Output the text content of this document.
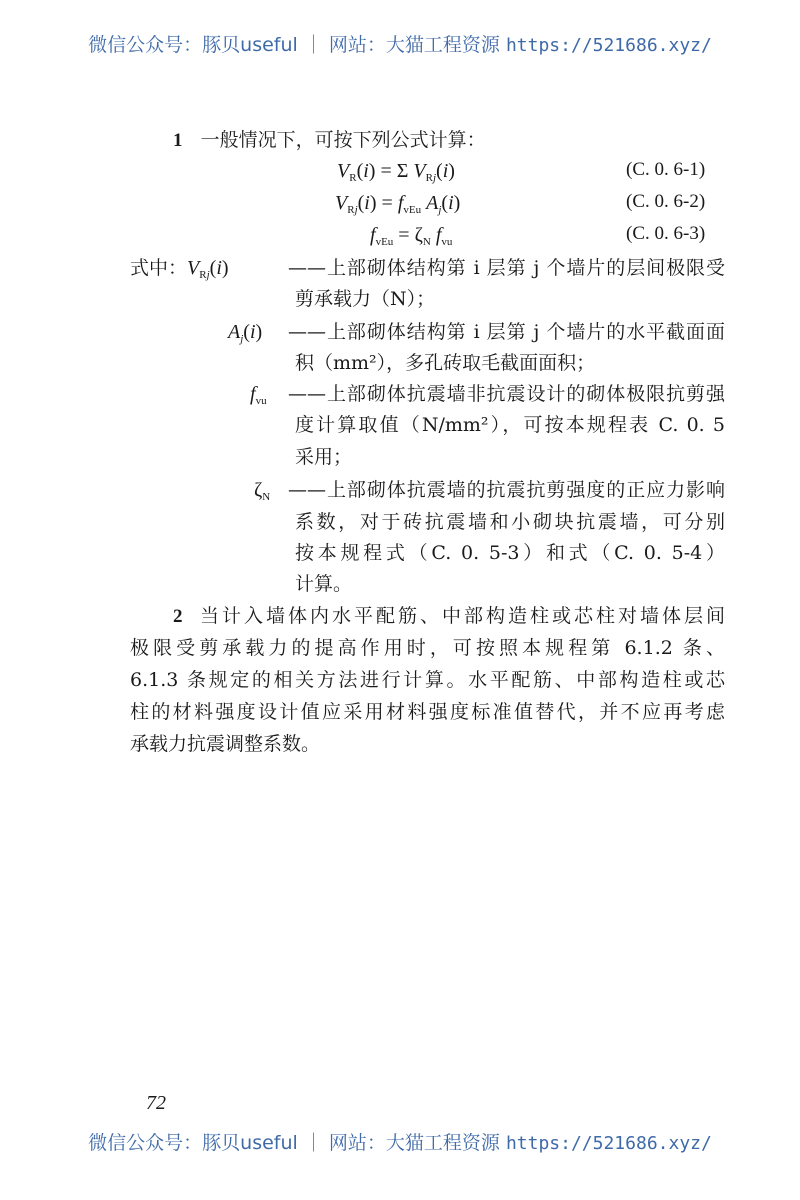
微信公众号：豚贝useful ｜ 网站：大猫工程资源 https://521686.xyz/
1 一般情况下，可按下列公式计算：
$V_R(i) = \Sigma$ $V_{Rj}(i)$	(C. 0. 6-1)
$V_{Rj}(i) = f_{vEu}$ $A_j(i)$	(C. 0. 6-2)
$f_{vEu} = \zeta_N$ $f_{vu}$	(C. 0. 6-3)
式中：$V_{Rj}(i)$	——上部砌体结构第 i 层第 j 个墙片的层间极限受
剪承载力（N）；
$A_j(i)$ ——上部砌体结构第 i 层第 j 个墙片的水平截面面
积（mm²），多孔砖取毛截面面积；
$f_{vu}$ ——上部砌体抗震墙非抗震设计的砌体极限抗剪强
度计算取值（N/mm²），可按本规程表 C. 0. 5
采用；
$\zeta_N$ ——上部砌体抗震墙的抗震抗剪强度的正应力影响
系数，对于砖抗震墙和小砌块抗震墙，可分别
按本规程式（C. 0. 5-3）和式（C. 0. 5-4）
计算。
2 当计入墙体内水平配筋、中部构造柱或芯柱对墙体层间
极限受剪承载力的提高作用时，可按照本规程第 6.1.2 条、
6.1.3 条规定的相关方法进行计算。水平配筋、中部构造柱或芯
柱的材料强度设计值应采用材料强度标准值替代，并不应再考虑
承载力抗震调整系数。
72
微信公众号：豚贝useful ｜ 网站：大猫工程资源 https://521686.xyz/
